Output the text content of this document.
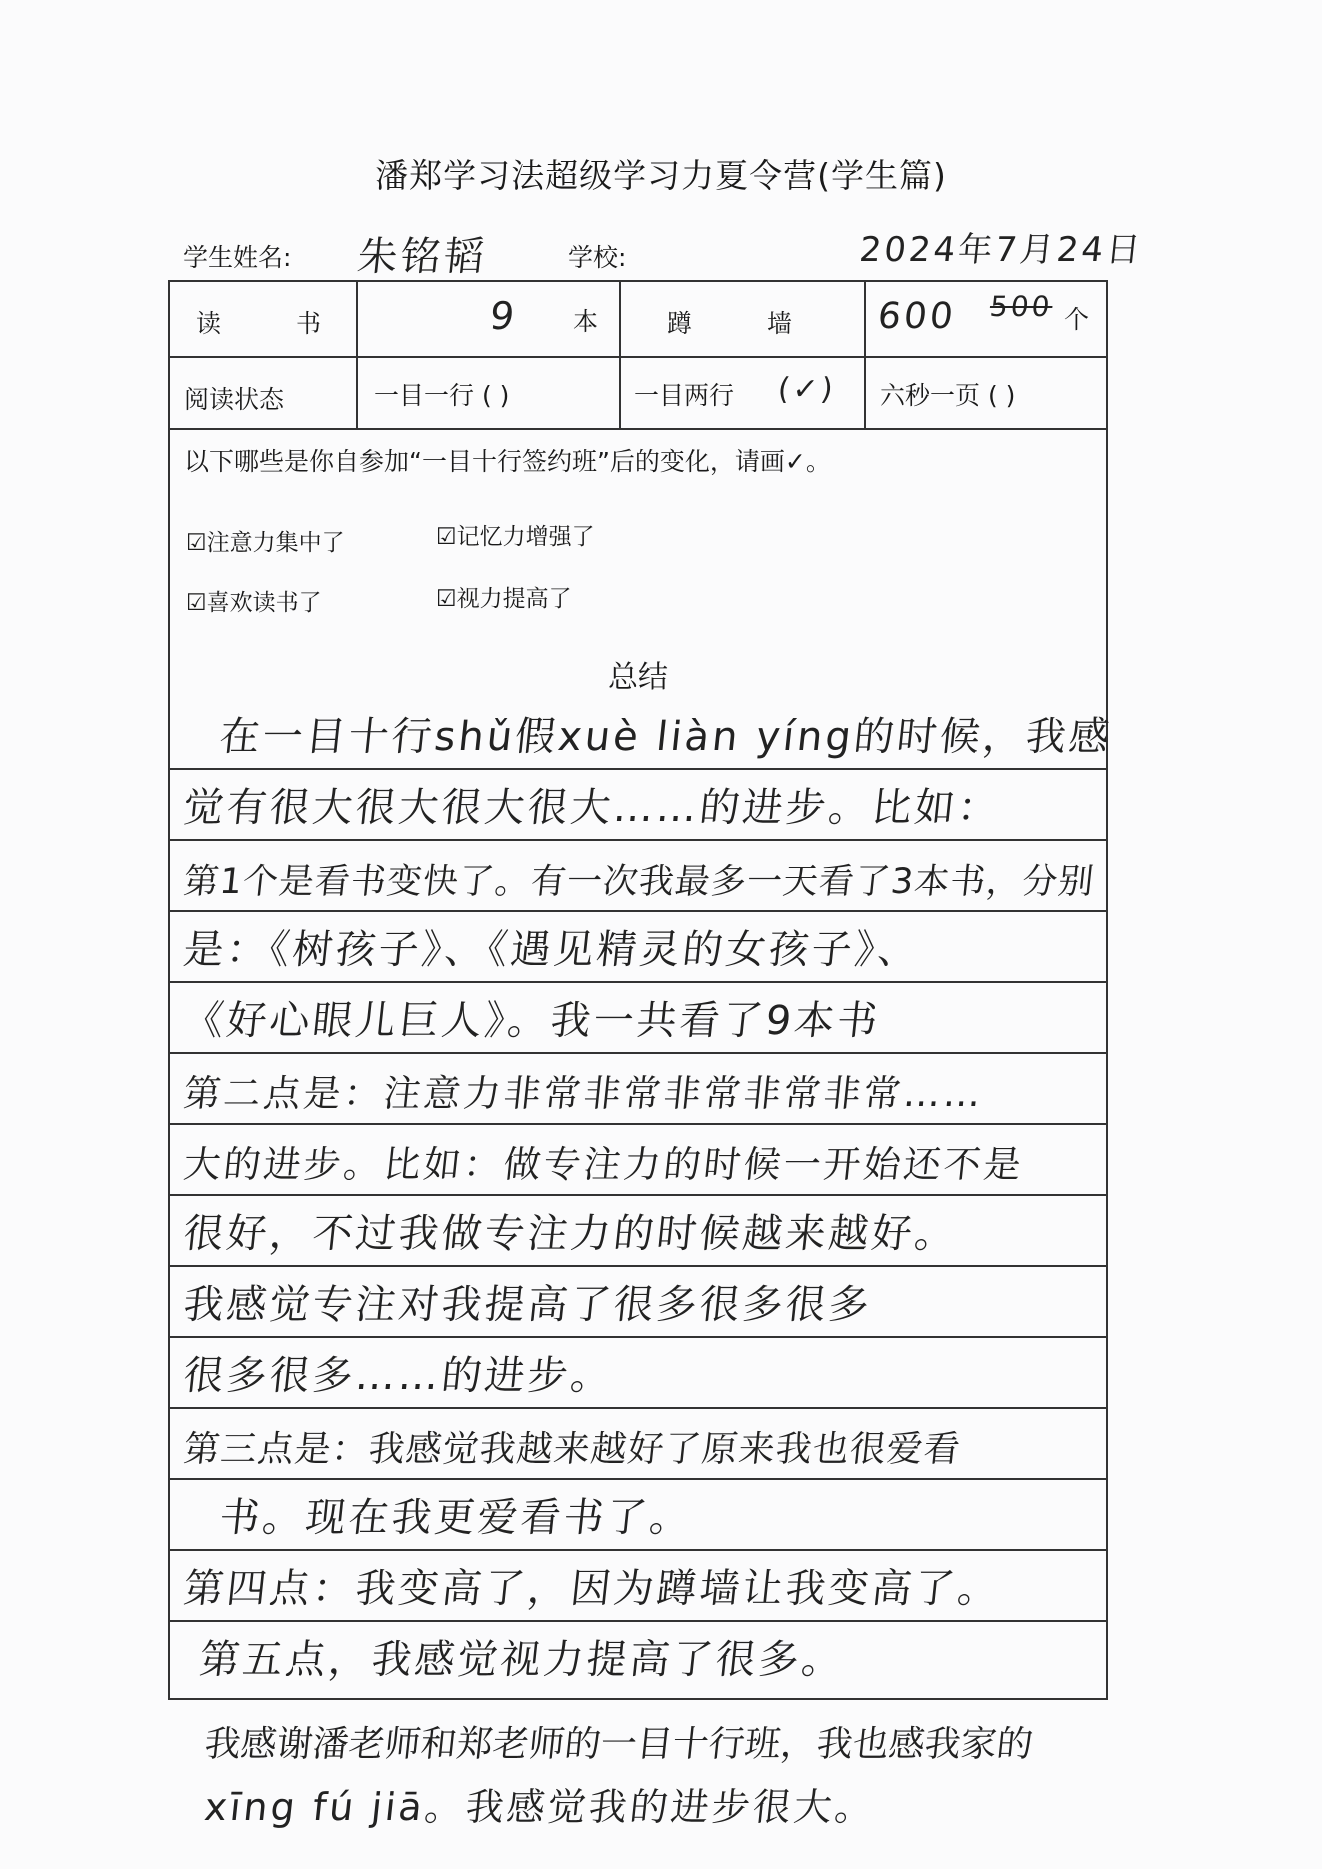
潘郑学习法超级学习力夏令营(学生篇)
学生姓名: 朱铭韬	学校:	2024年7月24日
读　　　书	9 本	蹲　　　墙 600 500 个
阅读状态	一目一行 ( )	一目两行 (✓) 六秒一页 ( )
以下哪些是你自参加“一目十行签约班”后的变化，请画✓。
☑注意力集中了	☑记忆力增强了
☑喜欢读书了	☑视力提高了
总结
在一目十行shǔ假xuè liàn yíng的时候，我感
觉有很大很大很大很大……的进步。比如：
第1个是看书变快了。有一次我最多一天看了3本书，分别
是：《树孩子》、《遇见精灵的女孩子》、
《好心眼儿巨人》。我一共看了9本书
第二点是：注意力非常非常非常非常非常……
大的进步。比如：做专注力的时候一开始还不是
很好，不过我做专注力的时候越来越好。
我感觉专注对我提高了很多很多很多
很多很多……的进步。
第三点是：我感觉我越来越好了原来我也很爱看
书。现在我更爱看书了。
第四点：我变高了，因为蹲墙让我变高了。
第五点，我感觉视力提高了很多。
我感谢潘老师和郑老师的一目十行班，我也感我家的
xīng fú jiā。我感觉我的进步很大。
